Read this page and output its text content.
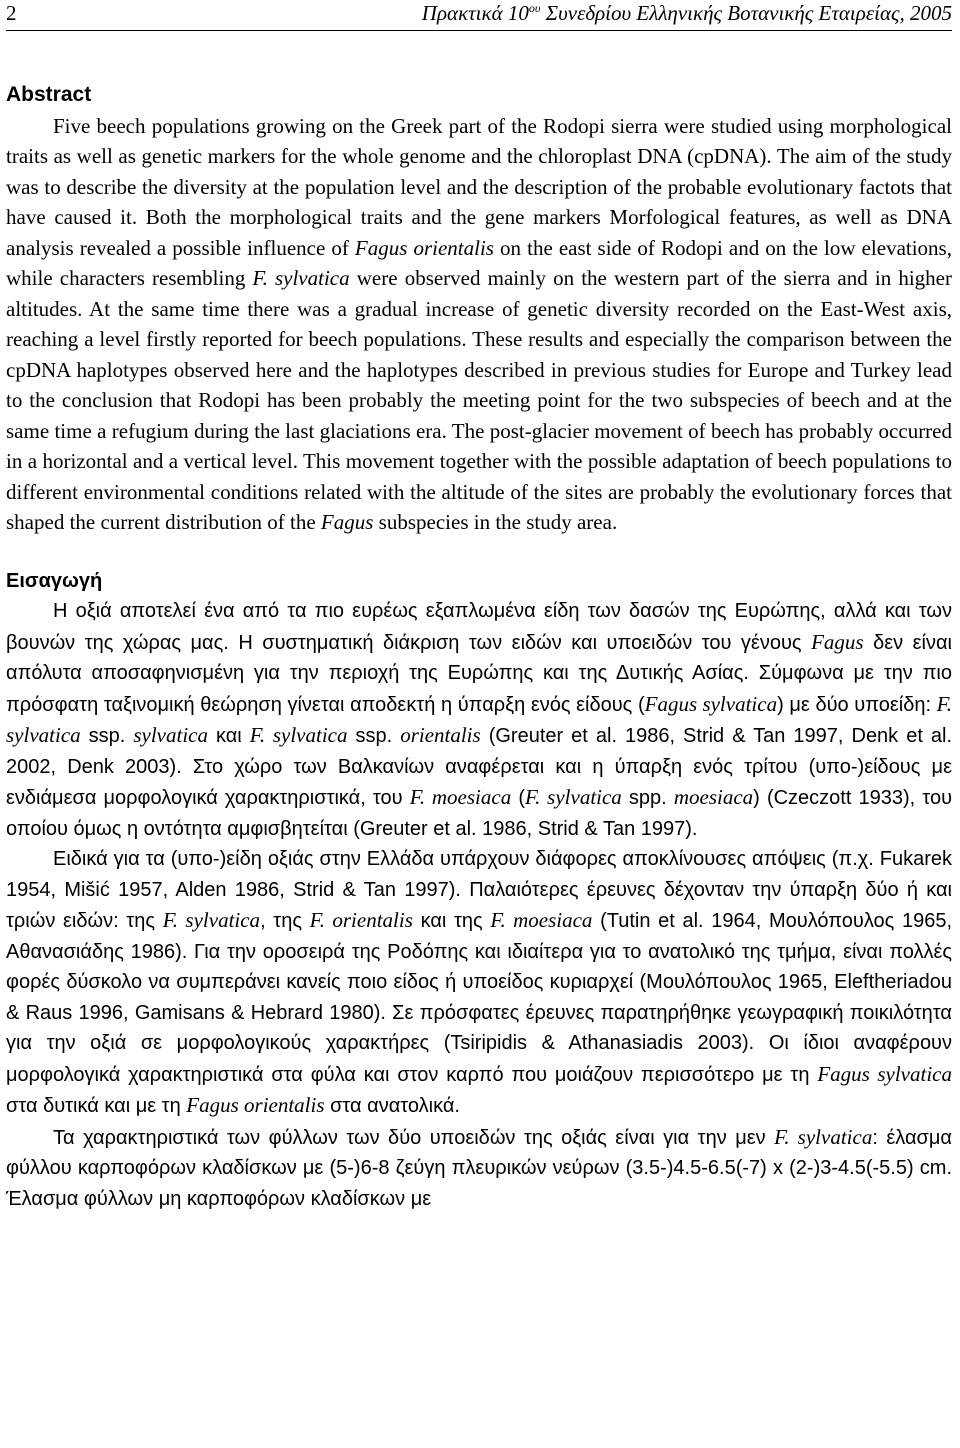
2	Πρακτικά $10^{o\upsilon}$ Συνεδρίου Ελληνικής Βοτανικής Εταιρείας, 2005
Abstract

Five beech populations growing on the Greek part of the Rodopi sierra were studied using morphological traits as well as genetic markers for the whole genome and the chloroplast DNA (cpDNA). The aim of the study was to describe the diversity at the population level and the description of the probable evolutionary factots that have caused it. Both the morphological traits and the gene markers Morfological features, as well as DNA analysis revealed a possible influence of Fagus orientalis on the east side of Rodopi and on the low elevations, while characters resembling F. sylvatica were observed mainly on the western part of the sierra and in higher altitudes. At the same time there was a gradual increase of genetic diversity recorded on the East-West axis, reaching a level firstly reported for beech populations. These results and especially the comparison between the cpDNA haplotypes observed here and the haplotypes described in previous studies for Europe and Turkey lead to the conclusion that Rodopi has been probably the meeting point for the two subspecies of beech and at the same time a refugium during the last glaciations era. The post-glacier movement of beech has probably occurred in a horizontal and a vertical level. This movement together with the possible adaptation of beech populations to different environmental conditions related with the altitude of the sites are probably the evolutionary forces that shaped the current distribution of the Fagus subspecies in the study area.

Εισαγωγή

Η οξιά αποτελεί ένα από τα πιο ευρέως εξαπλωμένα είδη των δασών της Ευρώπης, αλλά και των βουνών της χώρας μας. Η συστηματική διάκριση των ειδών και υποειδών του γένους Fagus δεν είναι απόλυτα αποσαφηνισμένη για την περιοχή της Ευρώπης και της Δυτικής Ασίας. Σύμφωνα με την πιο πρόσφατη ταξινομική θεώρηση γίνεται αποδεκτή η ύπαρξη ενός είδους (Fagus sylvatica) με δύο υποείδη: F. sylvatica ssp. sylvatica και F. sylvatica ssp. orientalis (Greuter et al. 1986, Strid & Tan 1997, Denk et al. 2002, Denk 2003). Στο χώρο των Βαλκανίων αναφέρεται και η ύπαρξη ενός τρίτου (υπο-)είδους με ενδιάμεσα μορφολογικά χαρακτηριστικά, του F. moesiaca (F. sylvatica spp. moesiaca) (Czeczott 1933), του οποίου όμως η οντότητα αμφισβητείται (Greuter et al. 1986, Strid & Tan 1997).

Ειδικά για τα (υπο-)είδη οξιάς στην Ελλάδα υπάρχουν διάφορες αποκλίνουσες απόψεις (π.χ. Fukarek 1954, Mišić 1957, Alden 1986, Strid & Tan 1997). Παλαιότερες έρευνες δέχονταν την ύπαρξη δύο ή και τριών ειδών: της F. sylvatica, της F. orientalis και της F. moesiaca (Tutin et al. 1964, Μουλόπουλος 1965, Αθανασιάδης 1986). Για την οροσειρά της Ροδόπης και ιδιαίτερα για το ανατολικό της τμήμα, είναι πολλές φορές δύσκολο να συμπεράνει κανείς ποιο είδος ή υποείδος κυριαρχεί (Μουλόπουλος 1965, Eleftheriadou & Raus 1996, Gamisans & Hebrard 1980). Σε πρόσφατες έρευνες παρατηρήθηκε γεωγραφική ποικιλότητα για την οξιά σε μορφολογικούς χαρακτήρες (Tsiripidis & Athanasiadis 2003). Οι ίδιοι αναφέρουν μορφολογικά χαρακτηριστικά στα φύλα και στον καρπό που μοιάζουν περισσότερο με τη Fagus sylvatica στα δυτικά και με τη Fagus orientalis στα ανατολικά.

Τα χαρακτηριστικά των φύλλων των δύο υποειδών της οξιάς είναι για την μεν F. sylvatica: έλασμα φύλλου καρποφόρων κλαδίσκων με (5-)6-8 ζεύγη πλευρικών νεύρων (3.5-)4.5-6.5(-7) x (2-)3-4.5(-5.5) cm. Έλασμα φύλλων μη καρποφόρων κλαδίσκων με
